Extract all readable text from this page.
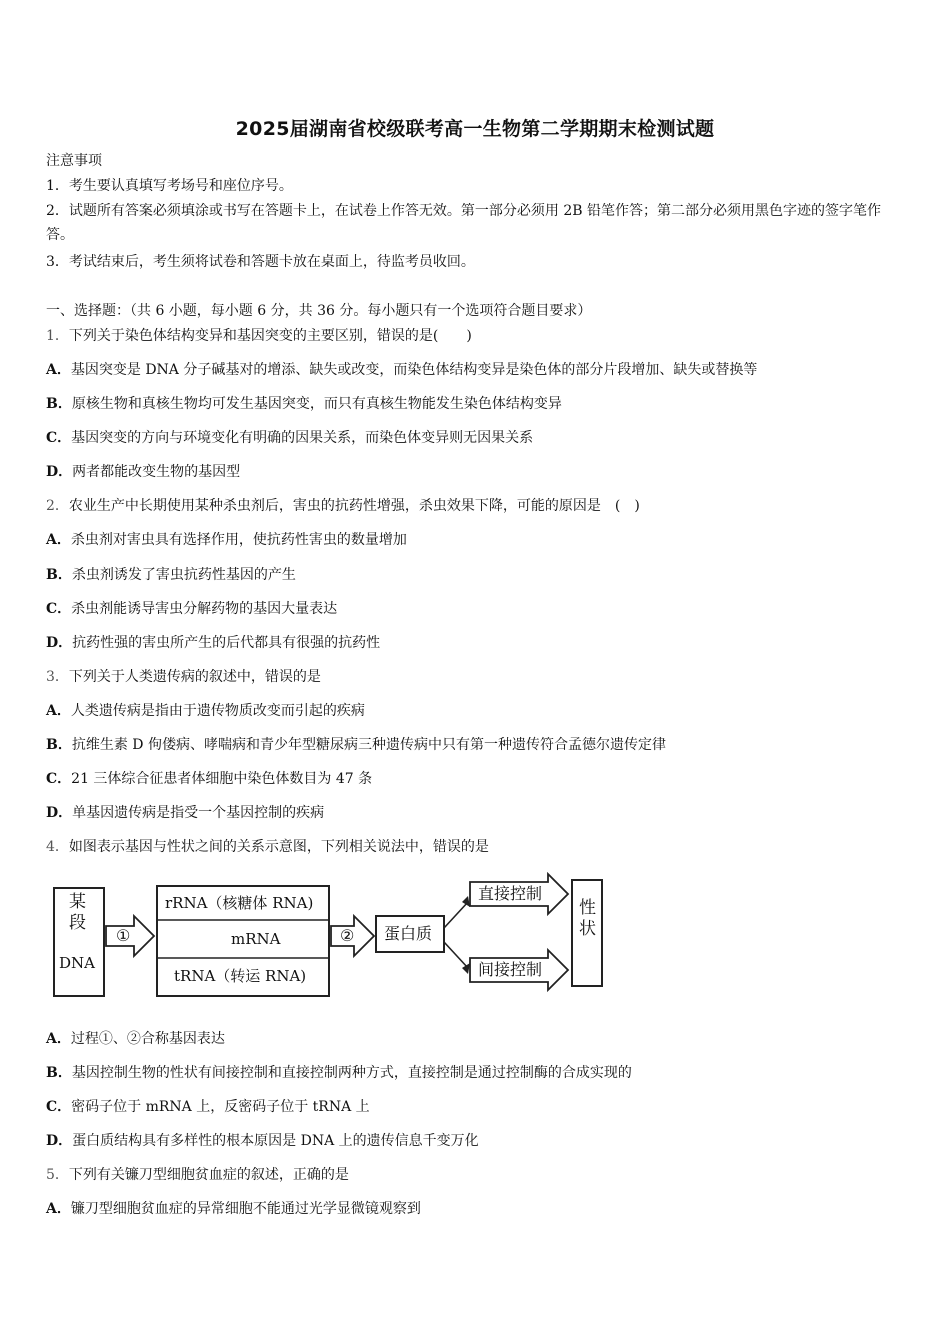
2025届湖南省校级联考高一生物第二学期期末检测试题
注意事项
1．考生要认真填写考场号和座位序号。
2．试题所有答案必须填涂或书写在答题卡上，在试卷上作答无效。第一部分必须用 2B 铅笔作答；第二部分必须用黑色字迹的签字笔作答。
3．考试结束后，考生须将试卷和答题卡放在桌面上，待监考员收回。
一、选择题：（共 6 小题，每小题 6 分，共 36 分。每小题只有一个选项符合题目要求）
1．下列关于染色体结构变异和基因突变的主要区别，错误的是(　　)
A．基因突变是 DNA 分子碱基对的增添、缺失或改变，而染色体结构变异是染色体的部分片段增加、缺失或替换等
B．原核生物和真核生物均可发生基因突变，而只有真核生物能发生染色体结构变异
C．基因突变的方向与环境变化有明确的因果关系，而染色体变异则无因果关系
D．两者都能改变生物的基因型
2．农业生产中长期使用某种杀虫剂后，害虫的抗药性增强，杀虫效果下降，可能的原因是　(　)
A．杀虫剂对害虫具有选择作用，使抗药性害虫的数量增加
B．杀虫剂诱发了害虫抗药性基因的产生
C．杀虫剂能诱导害虫分解药物的基因大量表达
D．抗药性强的害虫所产生的后代都具有很强的抗药性
3．下列关于人类遗传病的叙述中，错误的是
A．人类遗传病是指由于遗传物质改变而引起的疾病
B．抗维生素 D 佝偻病、哮喘病和青少年型糖尿病三种遗传病中只有第一种遗传符合孟德尔遗传定律
C．21 三体综合征患者体细胞中染色体数目为 47 条
D．单基因遗传病是指受一个基因控制的疾病
4．如图表示基因与性状之间的关系示意图，下列相关说法中，错误的是
某段
DNA
①
rRNA（核糖体 RNA)
mRNA
tRNA（转运 RNA)
② 蛋白质
直接控制
间接控制
性状
A．过程①、②合称基因表达
B．基因控制生物的性状有间接控制和直接控制两种方式，直接控制是通过控制酶的合成实现的
C．密码子位于 mRNA 上，反密码子位于 tRNA 上
D．蛋白质结构具有多样性的根本原因是 DNA 上的遗传信息千变万化
5．下列有关镰刀型细胞贫血症的叙述，正确的是
A．镰刀型细胞贫血症的异常细胞不能通过光学显微镜观察到
